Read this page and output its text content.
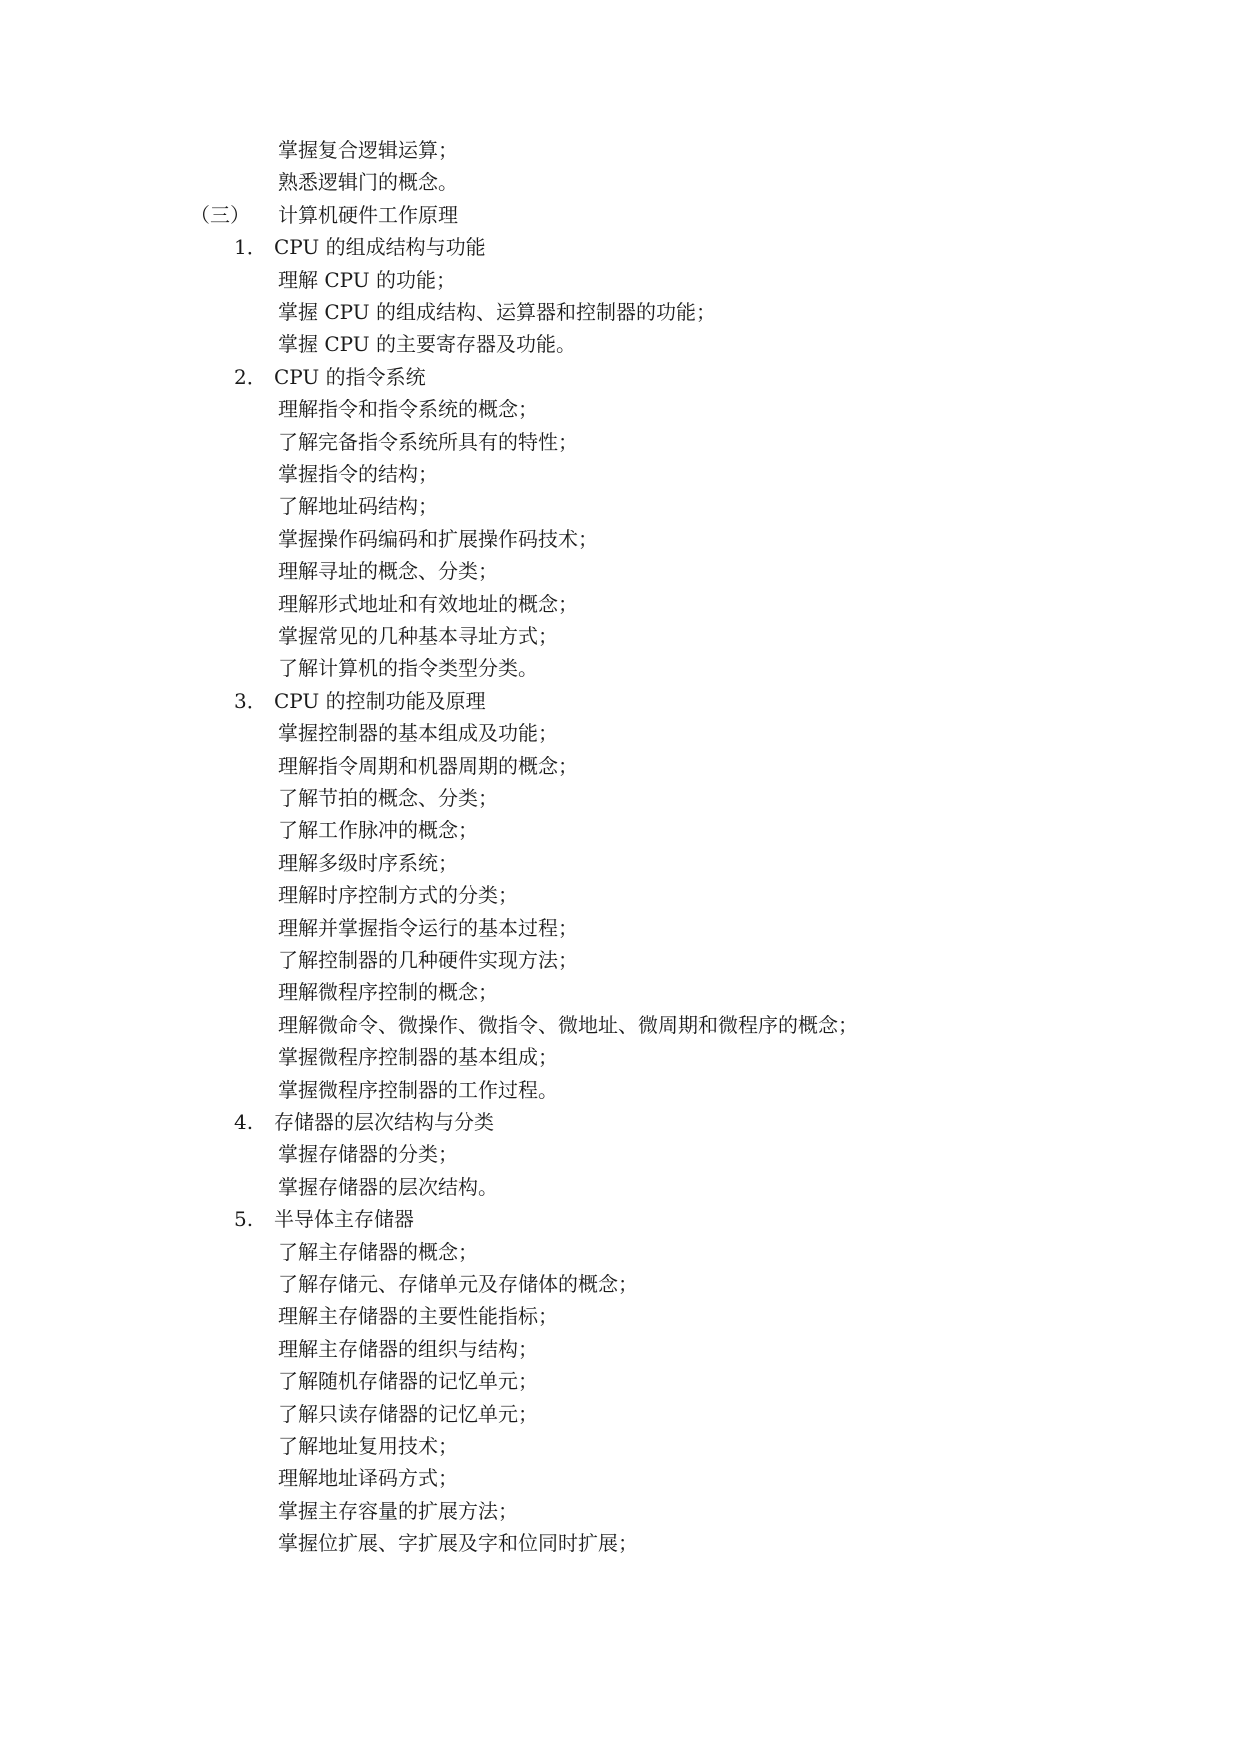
掌握复合逻辑运算；
熟悉逻辑门的概念。
（三） 计算机硬件工作原理
1． CPU 的组成结构与功能
理解 CPU 的功能；
掌握 CPU 的组成结构、运算器和控制器的功能；
掌握 CPU 的主要寄存器及功能。
2． CPU 的指令系统
理解指令和指令系统的概念；
了解完备指令系统所具有的特性；
掌握指令的结构；
了解地址码结构；
掌握操作码编码和扩展操作码技术；
理解寻址的概念、分类；
理解形式地址和有效地址的概念；
掌握常见的几种基本寻址方式；
了解计算机的指令类型分类。
3． CPU 的控制功能及原理
掌握控制器的基本组成及功能；
理解指令周期和机器周期的概念；
了解节拍的概念、分类；
了解工作脉冲的概念；
理解多级时序系统；
理解时序控制方式的分类；
理解并掌握指令运行的基本过程；
了解控制器的几种硬件实现方法；
理解微程序控制的概念；
理解微命令、微操作、微指令、微地址、微周期和微程序的概念；
掌握微程序控制器的基本组成；
掌握微程序控制器的工作过程。
4. 存储器的层次结构与分类
掌握存储器的分类；
掌握存储器的层次结构。
5. 半导体主存储器
了解主存储器的概念；
了解存储元、存储单元及存储体的概念；
理解主存储器的主要性能指标；
理解主存储器的组织与结构；
了解随机存储器的记忆单元；
了解只读存储器的记忆单元；
了解地址复用技术；
理解地址译码方式；
掌握主存容量的扩展方法；
掌握位扩展、字扩展及字和位同时扩展；
